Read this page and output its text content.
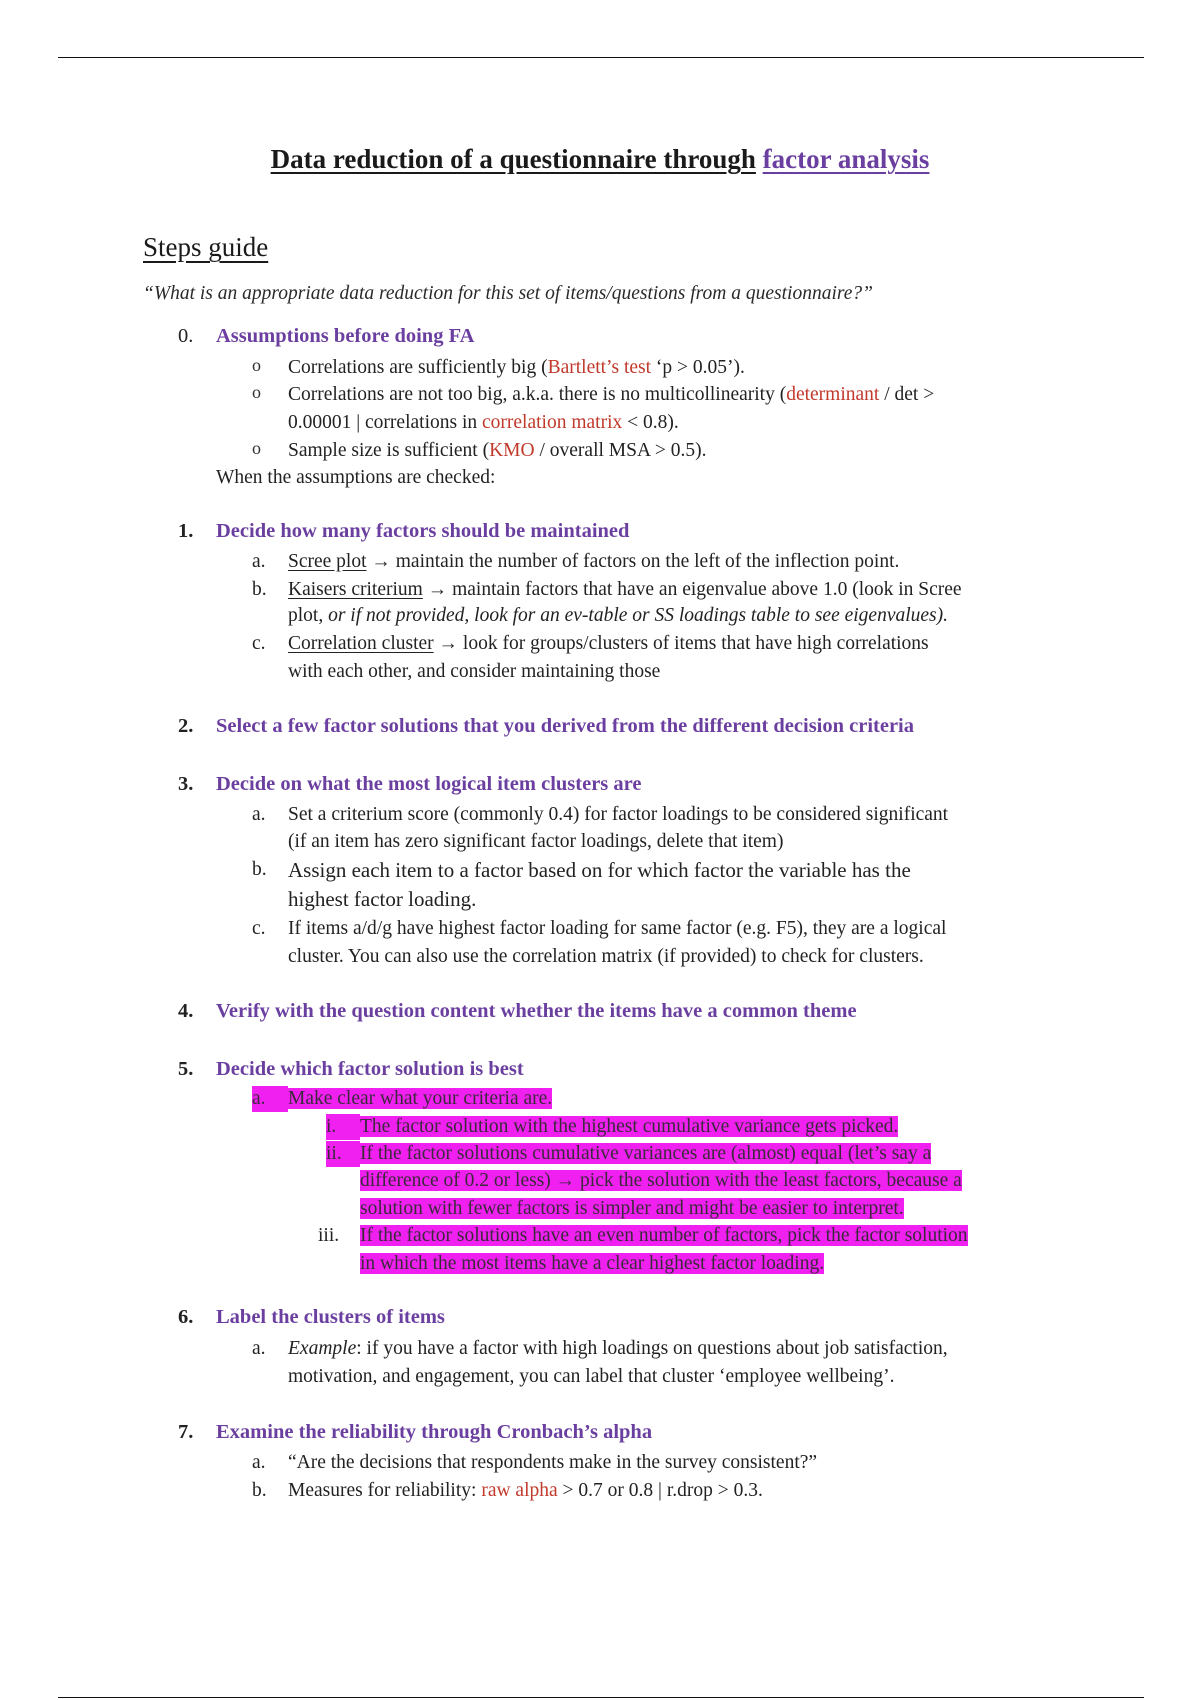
Data reduction of a questionnaire through factor analysis
Steps guide
“What is an appropriate data reduction for this set of items/questions from a questionnaire?”
0. Assumptions before doing FA
o Correlations are sufficiently big (Bartlett’s test ‘p > 0.05’).
o Correlations are not too big, a.k.a. there is no multicollinearity (determinant / det >
0.00001 | correlations in correlation matrix < 0.8).
o Sample size is sufficient (KMO / overall MSA > 0.5).
When the assumptions are checked:
1. Decide how many factors should be maintained
a. Scree plot → maintain the number of factors on the left of the inflection point.
b. Kaisers criterium → maintain factors that have an eigenvalue above 1.0 (look in Scree
plot, or if not provided, look for an ev-table or SS loadings table to see eigenvalues).
c. Correlation cluster → look for groups/clusters of items that have high correlations
with each other, and consider maintaining those
2. Select a few factor solutions that you derived from the different decision criteria
3. Decide on what the most logical item clusters are
a. Set a criterium score (commonly 0.4) for factor loadings to be considered significant
(if an item has zero significant factor loadings, delete that item)
b. Assign each item to a factor based on for which factor the variable has the
highest factor loading.
c. If items a/d/g have highest factor loading for same factor (e.g. F5), they are a logical
cluster. You can also use the correlation matrix (if provided) to check for clusters.
4. Verify with the question content whether the items have a common theme
5. Decide which factor solution is best
a.	Make clear what your criteria are.
i.	The factor solution with the highest cumulative variance gets picked.
ii. If the factor solutions cumulative variances are (almost) equal (let’s say a
difference of 0.2 or less) → pick the solution with the least factors, because a
solution with fewer factors is simpler and might be easier to interpret.
iii. If the factor solutions have an even number of factors, pick the factor solution
in which the most items have a clear highest factor loading.
6. Label the clusters of items
a. Example: if you have a factor with high loadings on questions about job satisfaction,
motivation, and engagement, you can label that cluster ‘employee wellbeing’.
7. Examine the reliability through Cronbach’s alpha
a. “Are the decisions that respondents make in the survey consistent?”
b. Measures for reliability: raw alpha > 0.7 or 0.8 | r.drop > 0.3.
